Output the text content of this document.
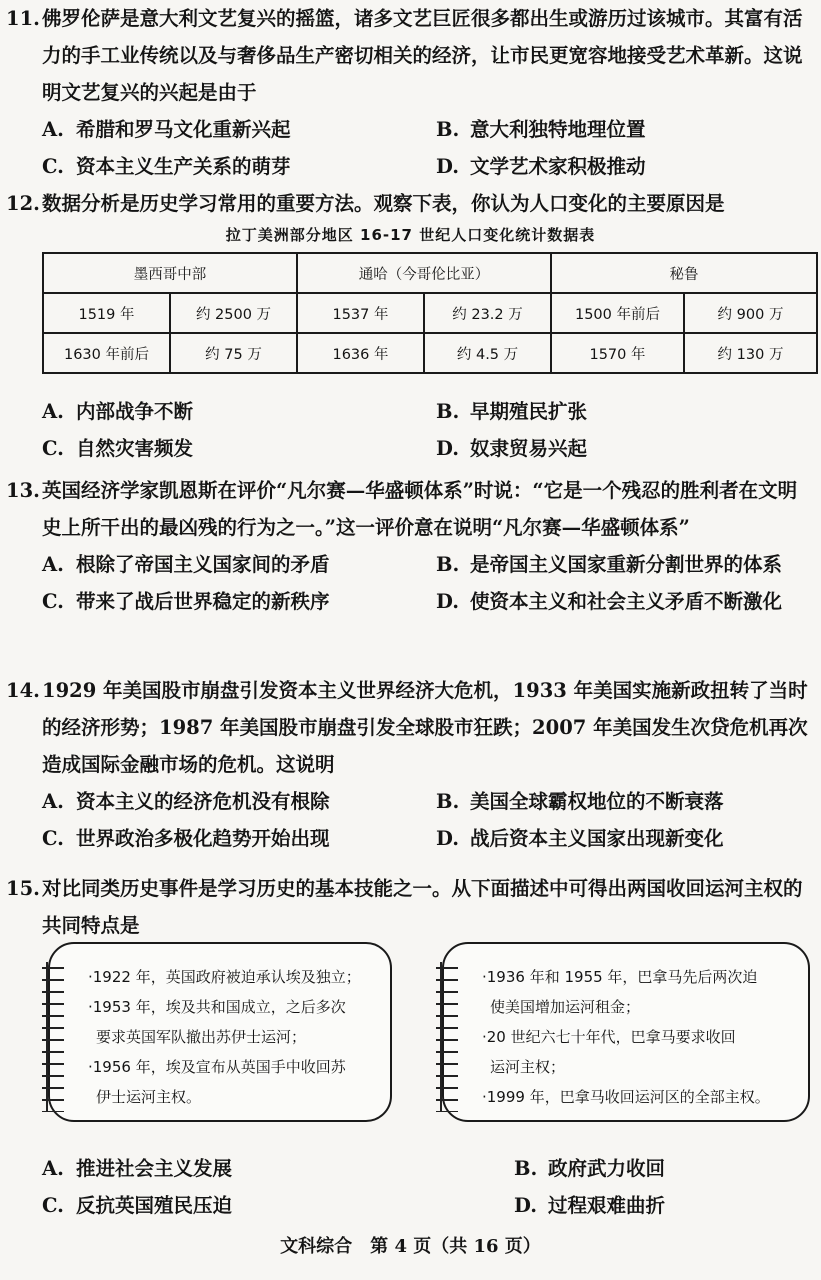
11. 佛罗伦萨是意大利文艺复兴的摇篮，诸多文艺巨匠很多都出生或游历过该城市。其富有活力的手工业传统以及与奢侈品生产密切相关的经济，让市民更宽容地接受艺术革新。这说明文艺复兴的兴起是由于
A. 希腊和罗马文化重新兴起	B. 意大利独特地理位置
C. 资本主义生产关系的萌芽	D. 文学艺术家积极推动
12. 数据分析是历史学习常用的重要方法。观察下表，你认为人口变化的主要原因是
拉丁美洲部分地区 16-17 世纪人口变化统计数据表
墨西哥中部		通哈（今哥伦比亚）		秘鲁	
1519 年	约 2500 万	1537 年	约 23.2 万	1500 年前后	约 900 万
1630 年前后	约 75 万	1636 年	约 4.5 万	1570 年	约 130 万
A. 内部战争不断	B. 早期殖民扩张
C. 自然灾害频发	D. 奴隶贸易兴起
13. 英国经济学家凯恩斯在评价“凡尔赛—华盛顿体系”时说：“它是一个残忍的胜利者在文明史上所干出的最凶残的行为之一。”这一评价意在说明“凡尔赛—华盛顿体系”
A. 根除了帝国主义国家间的矛盾	B. 是帝国主义国家重新分割世界的体系
C. 带来了战后世界稳定的新秩序	D. 使资本主义和社会主义矛盾不断激化
14. 1929 年美国股市崩盘引发资本主义世界经济大危机，1933 年美国实施新政扭转了当时的经济形势；1987 年美国股市崩盘引发全球股市狂跌；2007 年美国发生次贷危机再次造成国际金融市场的危机。这说明
A. 资本主义的经济危机没有根除	B. 美国全球霸权地位的不断衰落
C. 世界政治多极化趋势开始出现	D. 战后资本主义国家出现新变化
15. 对比同类历史事件是学习历史的基本技能之一。从下面描述中可得出两国收回运河主权的共同特点是

·1922 年，英国政府被迫承认埃及独立；

·1953 年，埃及共和国成立，之后多次

要求英国军队撤出苏伊士运河；

·1956 年，埃及宣布从英国手中收回苏

伊士运河主权。

·1936 年和 1955 年，巴拿马先后两次迫

使美国增加运河租金；

·20 世纪六七十年代，巴拿马要求收回

运河主权；

·1999 年，巴拿马收回运河区的全部主权。

A. 推进社会主义发展	B. 政府武力收回
C. 反抗英国殖民压迫	D. 过程艰难曲折
文科综合　第 4 页（共 16 页）
